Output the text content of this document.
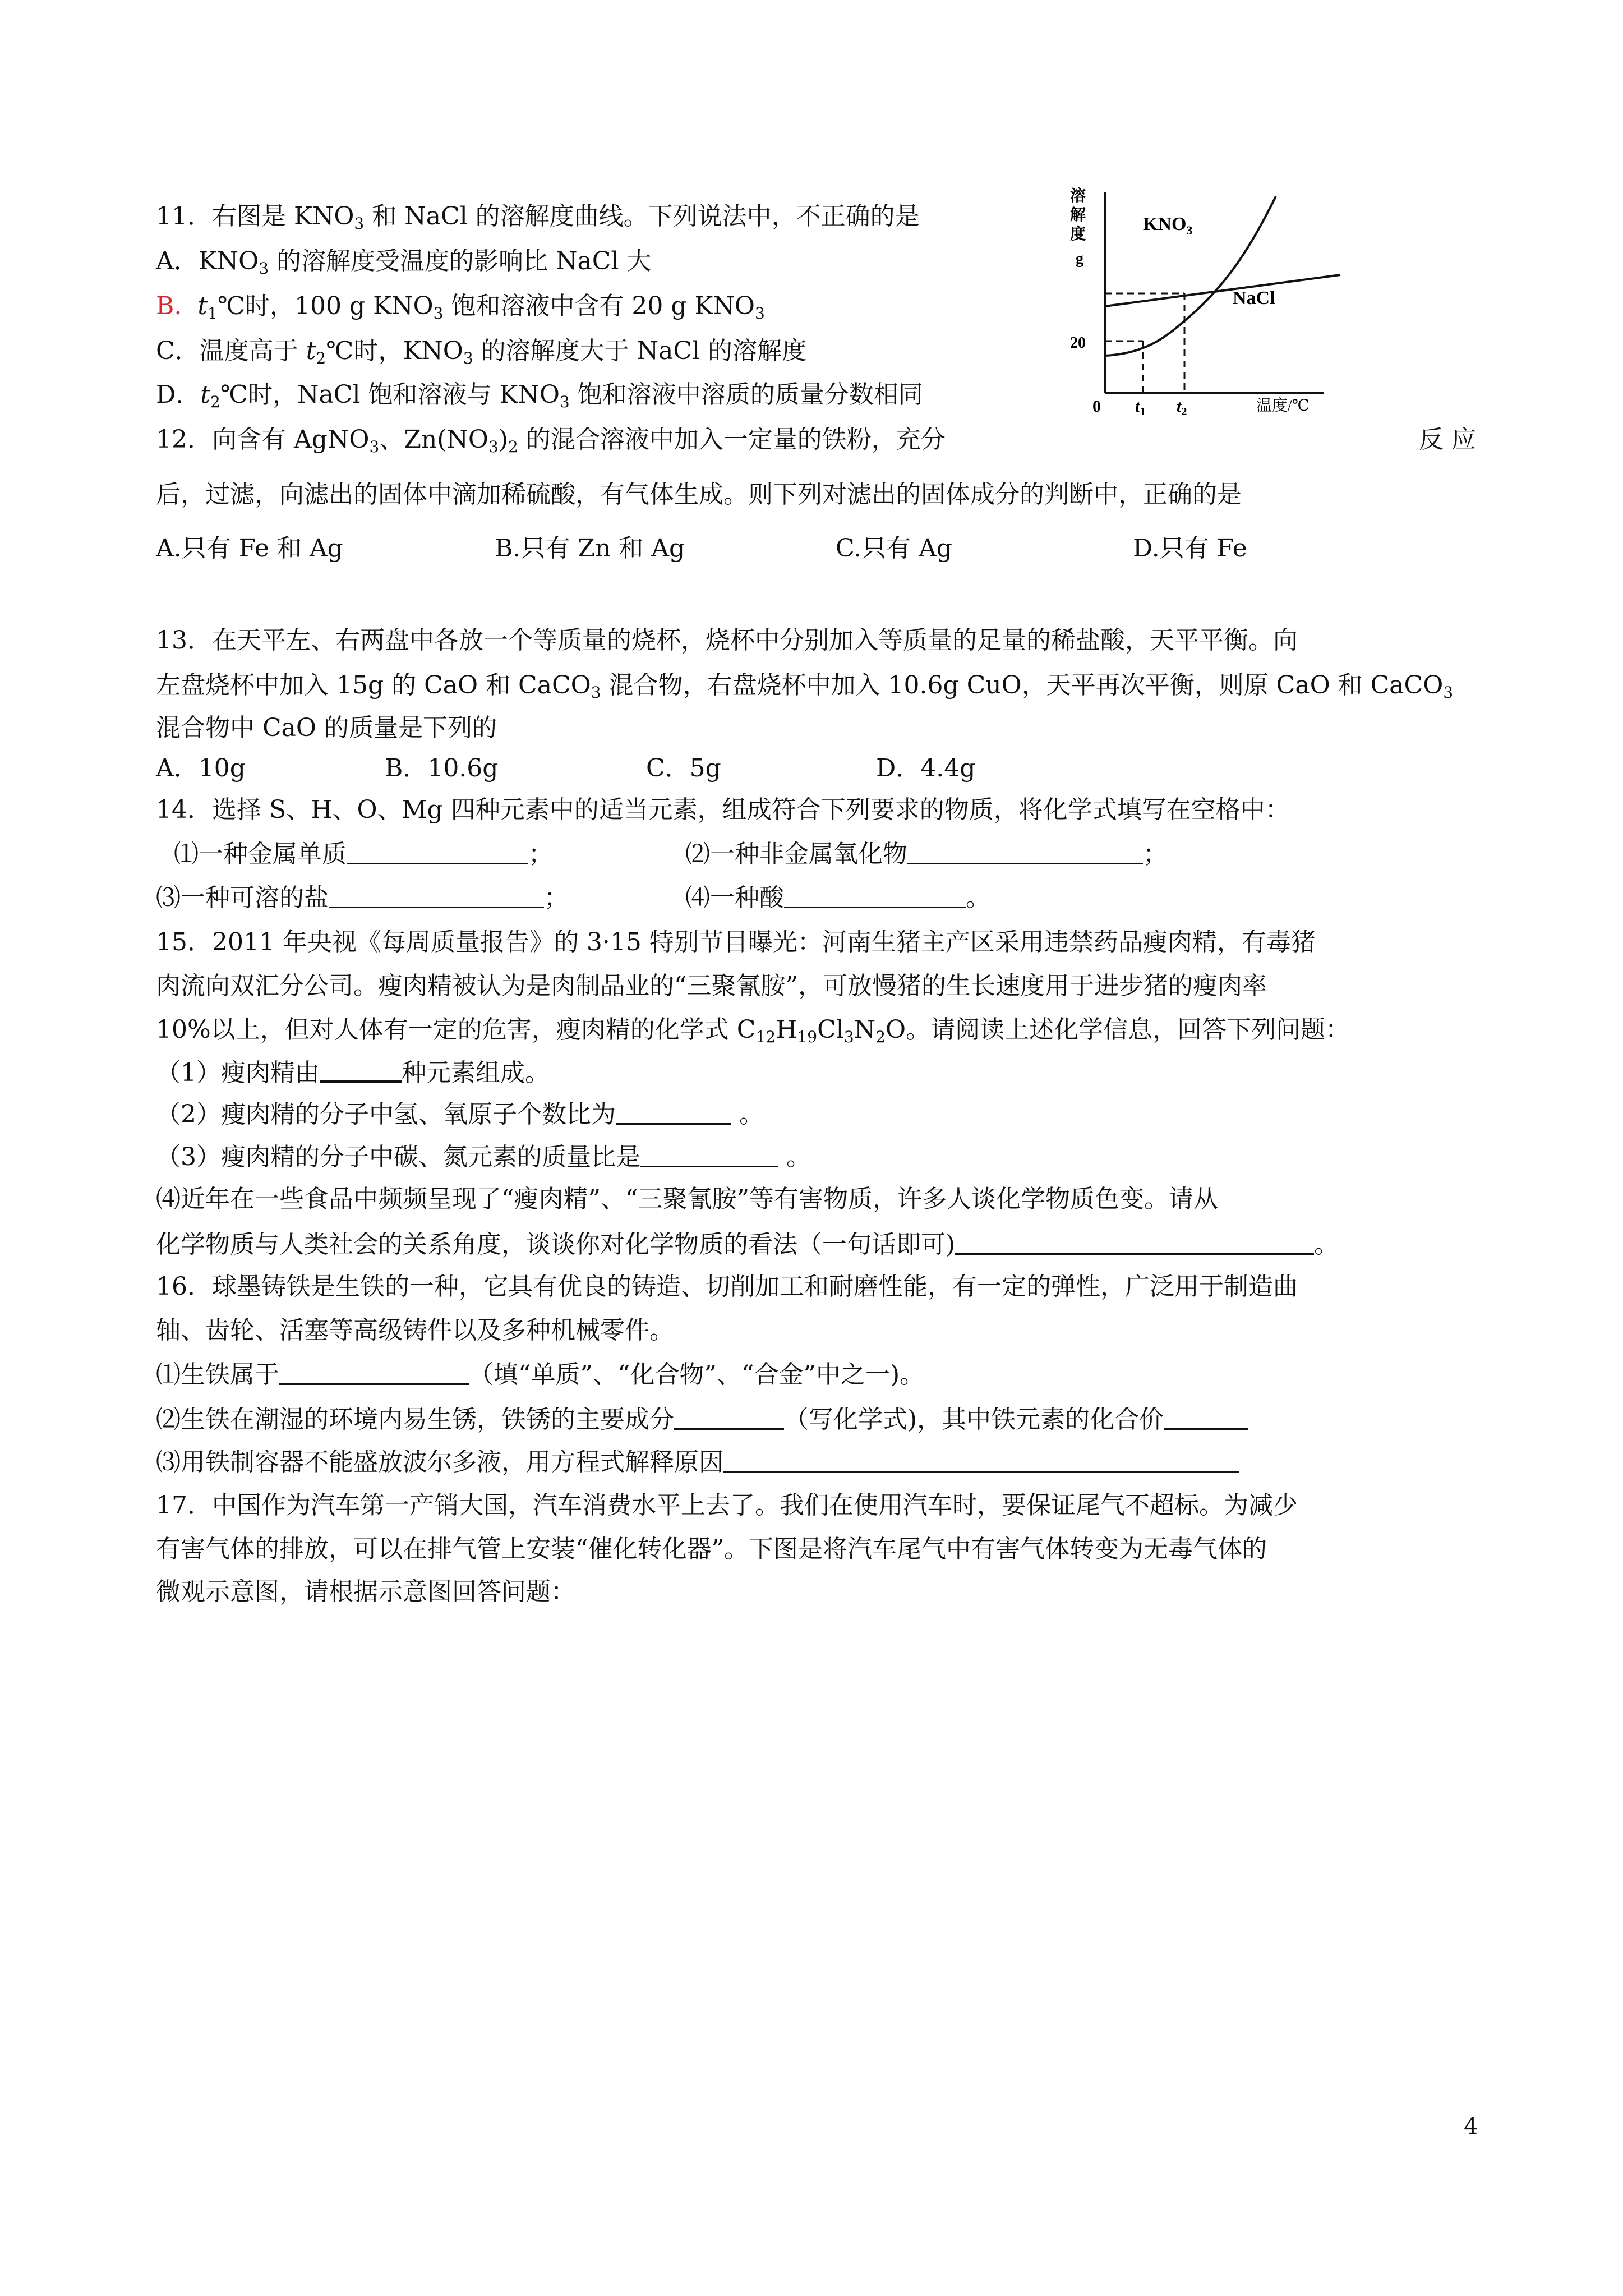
11．右图是 $KNO_3$ 和 NaCl 的溶解度曲线。下列说法中，不正确的是
A．$KNO_3$ 的溶解度受温度的影响比 NaCl 大
B. $t_1℃$时，100 g $KNO_3$ 饱和溶液中含有 20 g $KNO_3$
C．温度高于 $t_2℃$时，$KNO_3$ 的溶解度大于 NaCl 的溶解度
D．$t_2℃$时，NaCl 饱和溶液与 $KNO_3$ 饱和溶液中溶质的质量分数相同
溶
解
度
g
$KNO_3$
NaCl
20
0 $t_1$ $t_2$	温度/℃
12．向含有 AgNO$_3$、$Zn(NO_3)_2$ 的混合溶液中加入一定量的铁粉，充分	反 应
后，过滤，向滤出的固体中滴加稀硫酸，有气体生成。则下列对滤出的固体成分的判断中，正确的是
A.只有 Fe 和 Ag	B.只有 Zn 和 Ag	C.只有 Ag	D.只有 Fe
13．在天平左、右两盘中各放一个等质量的烧杯，烧杯中分别加入等质量的足量的稀盐酸，天平平衡。向
左盘烧杯中加入 15g 的 CaO 和 CaCO$_3$ 混合物，右盘烧杯中加入 10.6g CuO，天平再次平衡，则原 CaO 和 CaCO$_3$
混合物中 CaO 的质量是下列的
A．10g	B．10.6g	C．5g	D．4.4g
14．选择 S、H、O、Mg 四种元素中的适当元素，组成符合下列要求的物质，将化学式填写在空格中：
⑴一种金属单质	；	⑵一种非金属氧化物	；
⑶一种可溶的盐	；	⑷一种酸	。
15．2011 年央视《每周质量报告》的 3·15 特别节目曝光：河南生猪主产区采用违禁药品瘦肉精，有毒猪
肉流向双汇分公司。瘦肉精被认为是肉制品业的“三聚氰胺”，可放慢猪的生长速度用于进步猪的瘦肉率
10%以上，但对人体有一定的危害，瘦肉精的化学式 $C_{12}H_{19}Cl_3N_2O$。请阅读上述化学信息，回答下列问题：
（1）瘦肉精由	种元素组成。
（2）瘦肉精的分子中氢、氧原子个数比为	。
（3）瘦肉精的分子中碳、氮元素的质量比是	。
⑷近年在一些食品中频频呈现了“瘦肉精”、“三聚氰胺”等有害物质，许多人谈化学物质色变。请从
化学物质与人类社会的关系角度，谈谈你对化学物质的看法（一句话即可)	。
16．球墨铸铁是生铁的一种，它具有优良的铸造、切削加工和耐磨性能，有一定的弹性，广泛用于制造曲
轴、齿轮、活塞等高级铸件以及多种机械零件。
⑴生铁属于	（填“单质”、“化合物”、“合金”中之一)。
⑵生铁在潮湿的环境内易生锈，铁锈的主要成分	（写化学式)，其中铁元素的化合价
⑶用铁制容器不能盛放波尔多液，用方程式解释原因
17．中国作为汽车第一产销大国，汽车消费水平上去了。我们在使用汽车时，要保证尾气不超标。为减少
有害气体的排放，可以在排气管上安装“催化转化器”。下图是将汽车尾气中有害气体转变为无毒气体的
微观示意图，请根据示意图回答问题：
4
